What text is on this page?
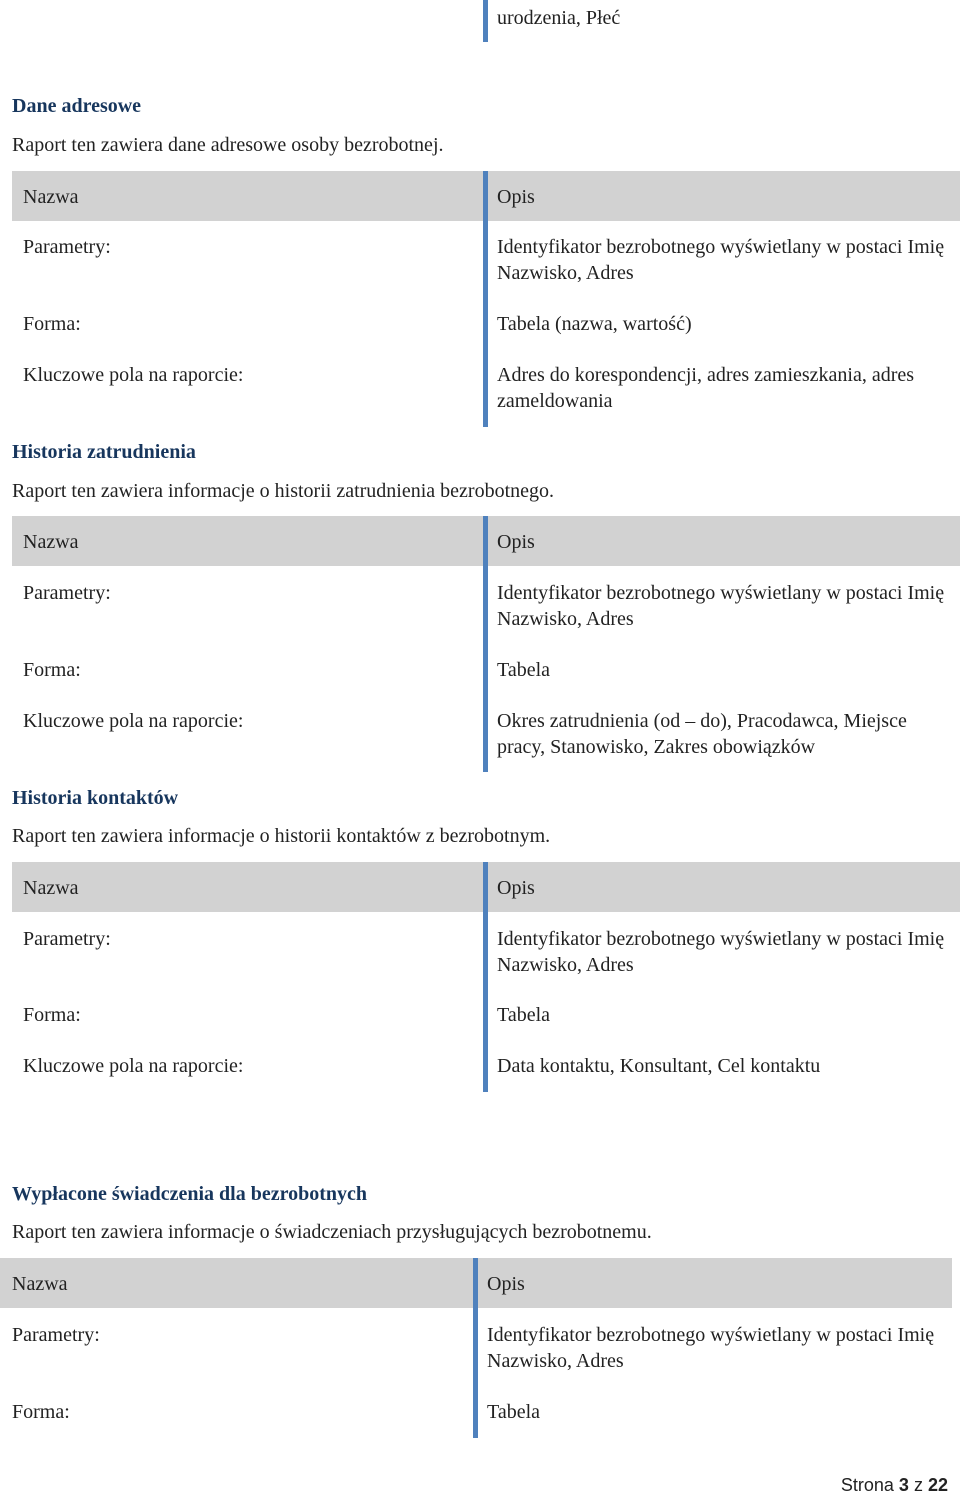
urodzenia, Płeć
Dane adresowe
Raport ten zawiera dane adresowe osoby bezrobotnej.
Nazwa	Opis
Parametry:	Identyfikator bezrobotnego wyświetlany w postaci Imię Nazwisko, Adres
Forma:	Tabela (nazwa, wartość)
Kluczowe pola na raporcie:	Adres do korespondencji, adres zamieszkania, adres zameldowania
Historia zatrudnienia
Raport ten zawiera informacje o historii zatrudnienia bezrobotnego.
Nazwa	Opis
Parametry:	Identyfikator bezrobotnego wyświetlany w postaci Imię Nazwisko, Adres
Forma:	Tabela
Kluczowe pola na raporcie:	Okres zatrudnienia (od – do), Pracodawca, Miejsce pracy, Stanowisko, Zakres obowiązków
Historia kontaktów
Raport ten zawiera informacje o historii kontaktów z bezrobotnym.
Nazwa	Opis
Parametry:	Identyfikator bezrobotnego wyświetlany w postaci Imię Nazwisko, Adres
Forma:	Tabela
Kluczowe pola na raporcie:	Data kontaktu, Konsultant, Cel kontaktu
Wypłacone świadczenia dla bezrobotnych
Raport ten zawiera informacje o świadczeniach przysługujących bezrobotnemu.
Nazwa	Opis
Parametry:	Identyfikator bezrobotnego wyświetlany w postaci Imię Nazwisko, Adres
Forma:	Tabela
Strona 3 z 22
